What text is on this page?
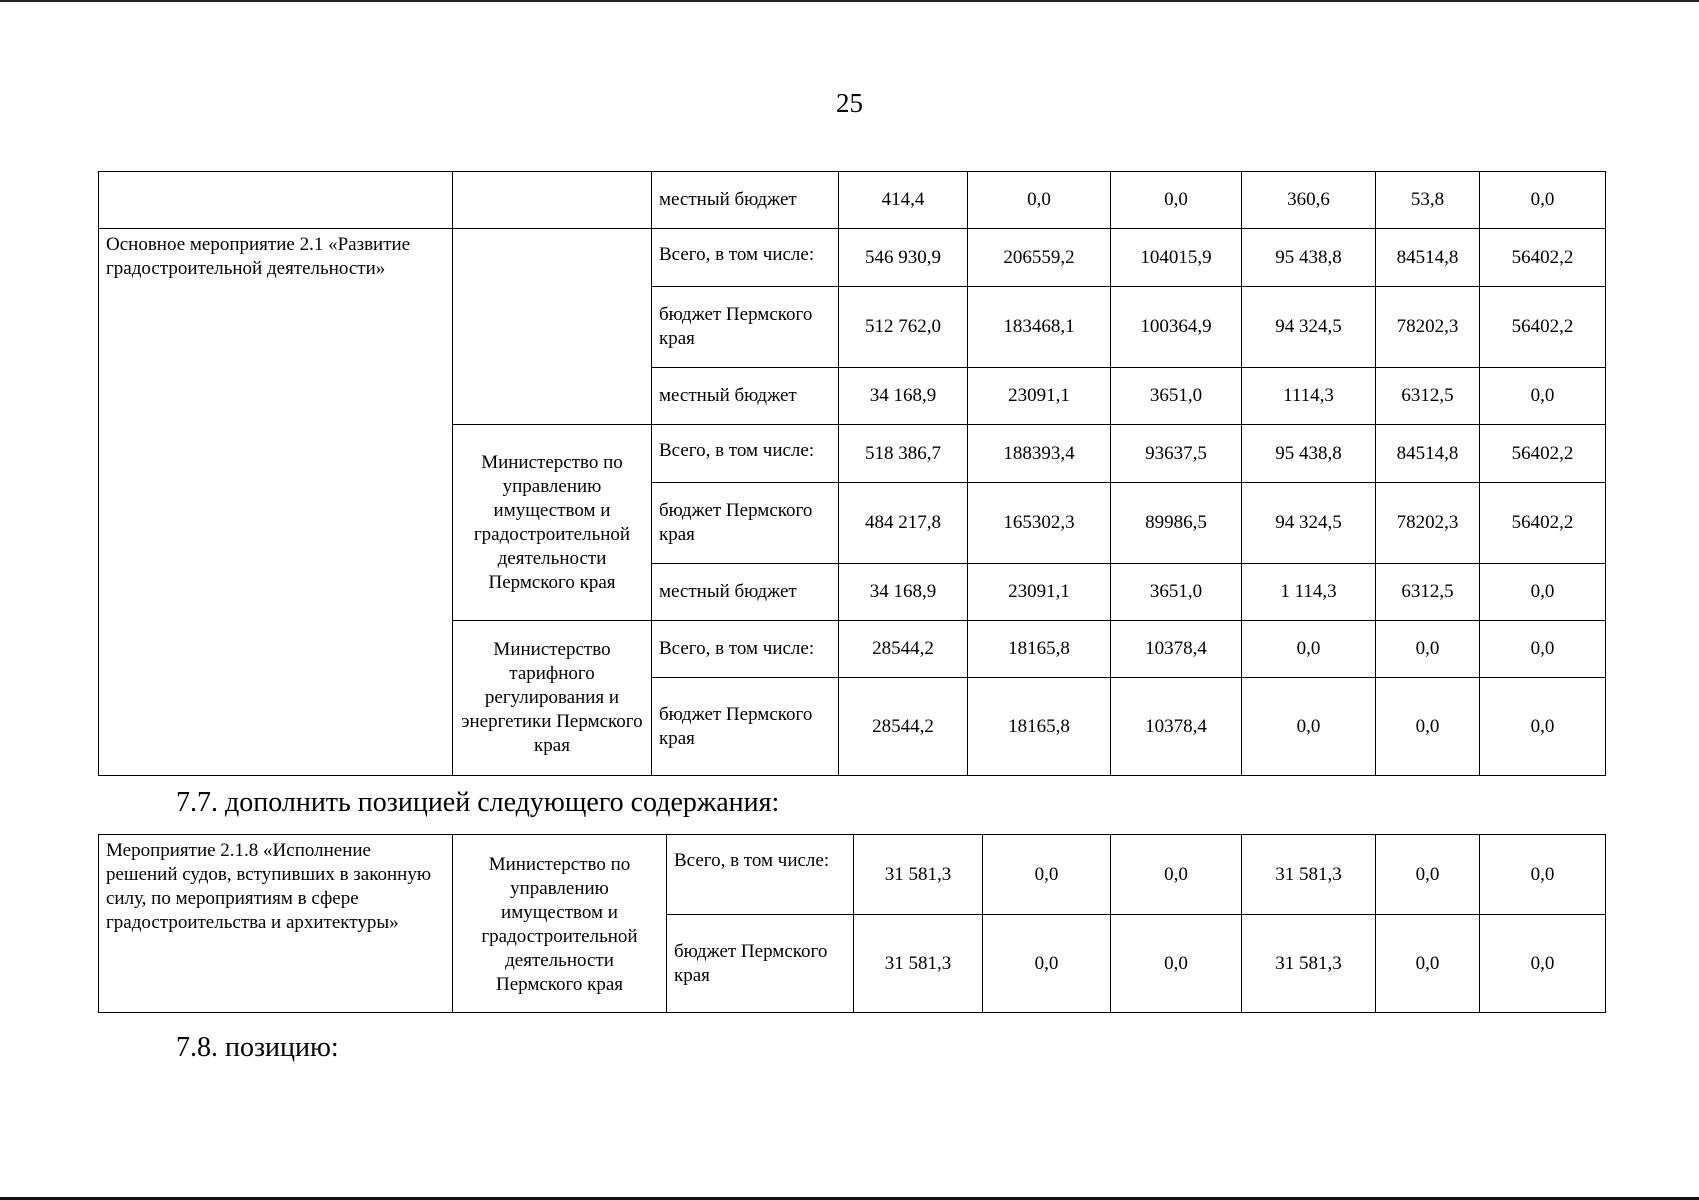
25
		местный бюджет	414,4	0,0	0,0	360,6	53,8	0,0
Основное мероприятие 2.1 «Развитие градостроительной деятельности»		Всего, в том числе:	546 930,9	206559,2	104015,9	95 438,8	84514,8	56402,2
		бюджет Пермского края	512 762,0	183468,1	100364,9	94 324,5	78202,3	56402,2
		местный бюджет	34 168,9	23091,1	3651,0	1114,3	6312,5	0,0
	Министерство по управлению имуществом и градостроительной деятельности Пермского края	Всего, в том числе:	518 386,7	188393,4	93637,5	95 438,8	84514,8	56402,2
		бюджет Пермского края	484 217,8	165302,3	89986,5	94 324,5	78202,3	56402,2
		местный бюджет	34 168,9	23091,1	3651,0	1 114,3	6312,5	0,0
	Министерство тарифного регулирования и энергетики Пермского края	Всего, в том числе:	28544,2	18165,8	10378,4	0,0	0,0	0,0
		бюджет Пермского края	28544,2	18165,8	10378,4	0,0	0,0	0,0
7.7. дополнить позицией следующего содержания:
Мероприятие 2.1.8 «Исполнение решений судов, вступивших в законную силу, по мероприятиям в сфере градостроительства и архитектуры»	Министерство по управлению имуществом и градостроительной деятельности Пермского края	Всего, в том числе:	31 581,3	0,0	0,0	31 581,3	0,0	0,0
		бюджет Пермского края	31 581,3	0,0	0,0	31 581,3	0,0	0,0
7.8. позицию:
